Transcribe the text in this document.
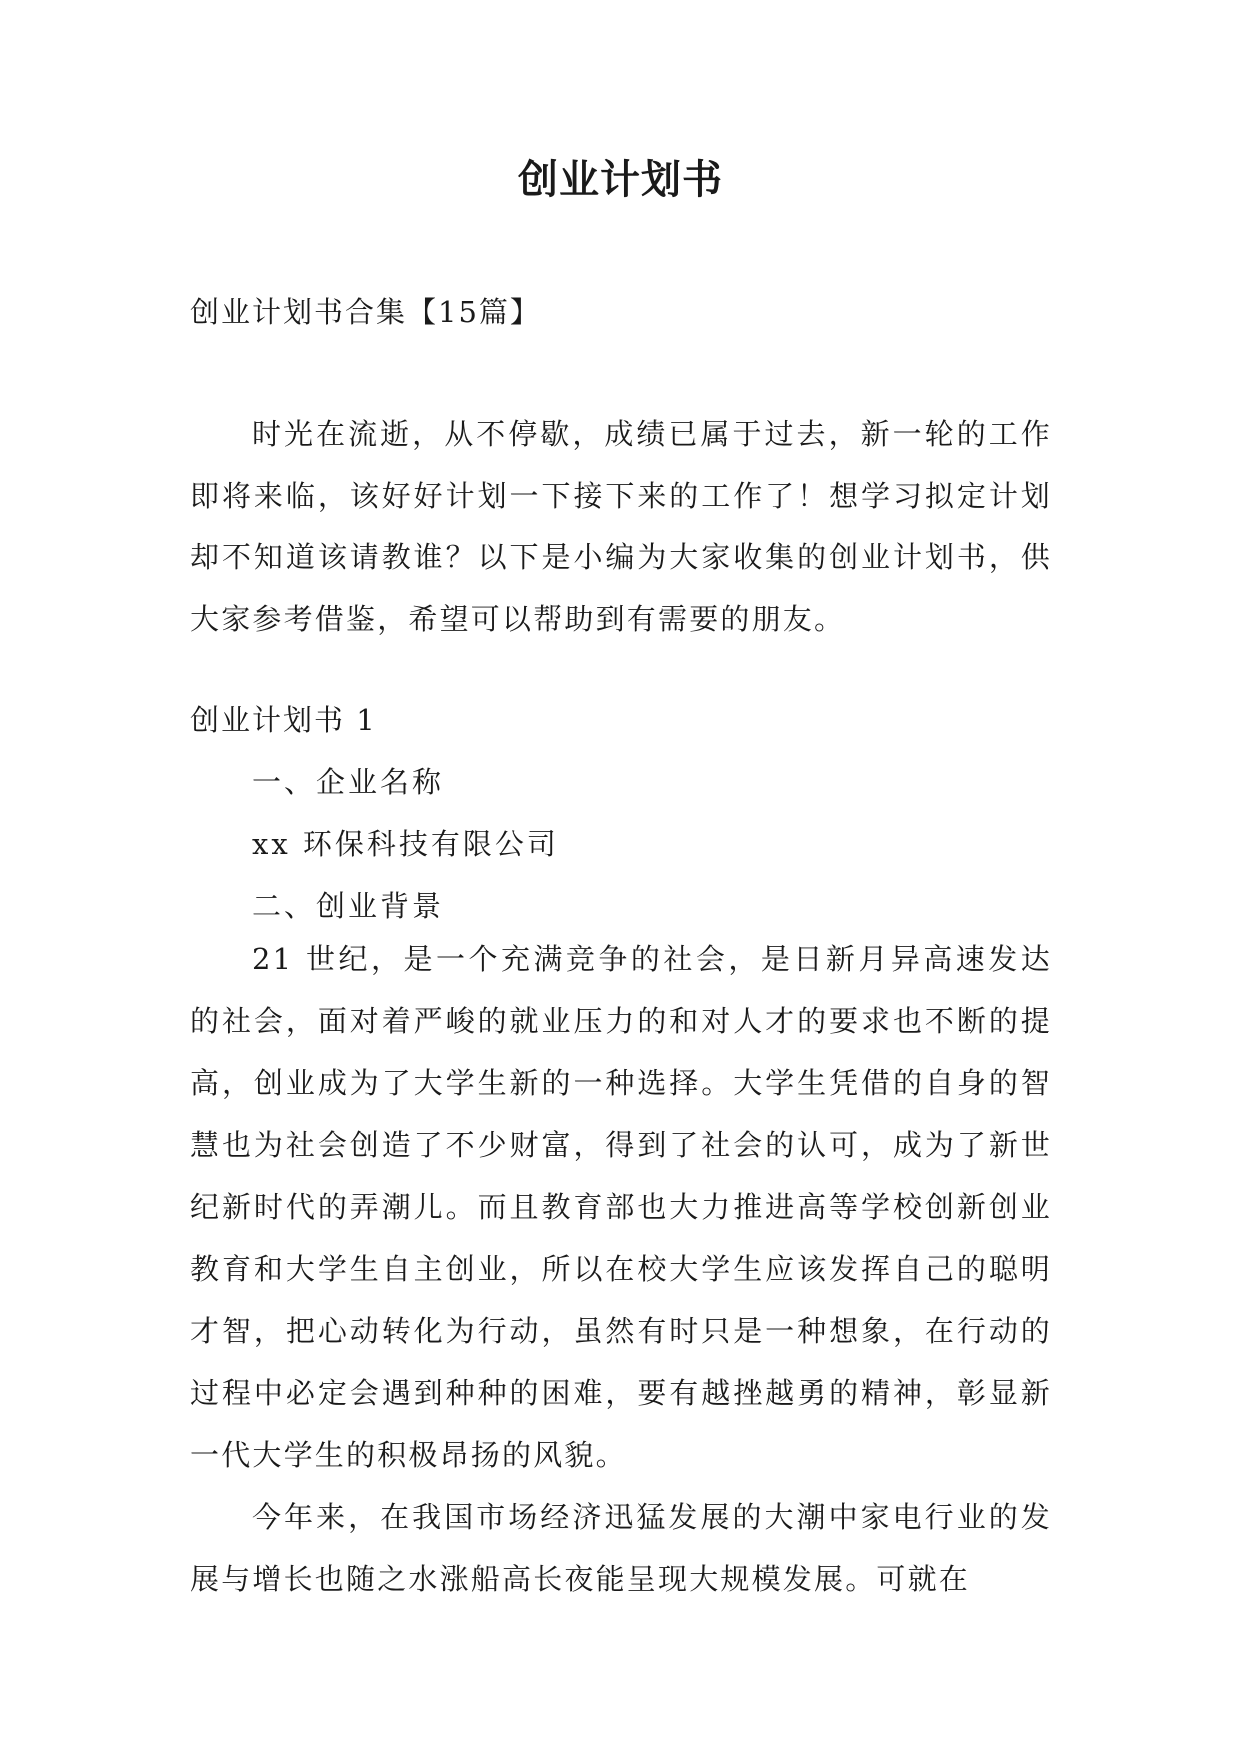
创业计划书

创业计划书合集【15篇】

时光在流逝，从不停歇，成绩已属于过去，新一轮的工作即将来临，该好好计划一下接下来的工作了！想学习拟定计划却不知道该请教谁？以下是小编为大家收集的创业计划书，供大家参考借鉴，希望可以帮助到有需要的朋友。

创业计划书 1

一、企业名称

xx 环保科技有限公司

二、创业背景

21 世纪，是一个充满竞争的社会，是日新月异高速发达的社会，面对着严峻的就业压力的和对人才的要求也不断的提高，创业成为了大学生新的一种选择。大学生凭借的自身的智慧也为社会创造了不少财富，得到了社会的认可，成为了新世纪新时代的弄潮儿。而且教育部也大力推进高等学校创新创业教育和大学生自主创业，所以在校大学生应该发挥自己的聪明才智，把心动转化为行动，虽然有时只是一种想象，在行动的过程中必定会遇到种种的困难，要有越挫越勇的精神，彰显新一代大学生的积极昂扬的风貌。

今年来，在我国市场经济迅猛发展的大潮中家电行业的发展与增长也随之水涨船高长夜能呈现大规模发展。可就在
